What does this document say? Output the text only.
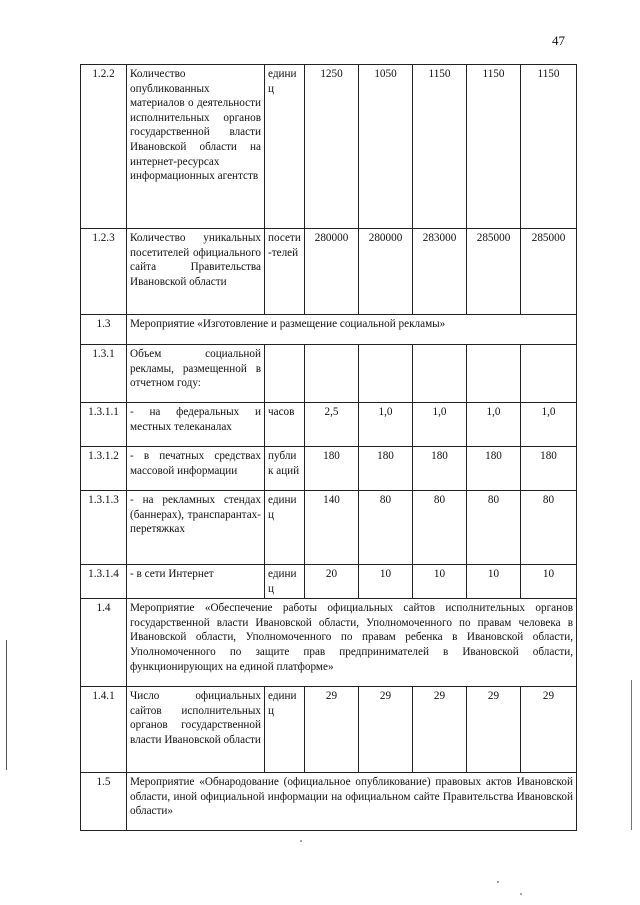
47
1.2.2	Количество опубликованных материалов о деятельности исполнительных органов государственной власти Ивановской области на интернет-ресурсах информационных агентств	единиц	1250	1050	1150	1150	1150
1.2.3	Количество уникальных посетителей официального сайта Правительства Ивановской области	посети-телей	280000	280000	283000	285000	285000
1.3	Мероприятие «Изготовление и размещение социальной рекламы»						
1.3.1	Объем социальной рекламы, размещенной в отчетном году:						
1.3.1.1	- на федеральных и местных телеканалах	часов	2,5	1,0	1,0	1,0	1,0
1.3.1.2	- в печатных средствах массовой информации	публик аций	180	180	180	180	180
1.3.1.3	- на рекламных стендах (баннерах), транспарантах-перетяжках	единиц	140	80	80	80	80
1.3.1.4	- в сети Интернет	единиц	20	10	10	10	10
1.4	Мероприятие «Обеспечение работы официальных сайтов исполнительных органов государственной власти Ивановской области, Уполномоченного по правам человека в Ивановской области, Уполномоченного по правам ребенка в Ивановской области, Уполномоченного по защите прав предпринимателей в Ивановской области, функционирующих на единой платформе»						
1.4.1	Число официальных сайтов исполнительных органов государственной власти Ивановской области	единиц	29	29	29	29	29
1.5	Мероприятие «Обнародование (официальное опубликование) правовых актов Ивановской области, иной официальной информации на официальном сайте Правительства Ивановской области»						
